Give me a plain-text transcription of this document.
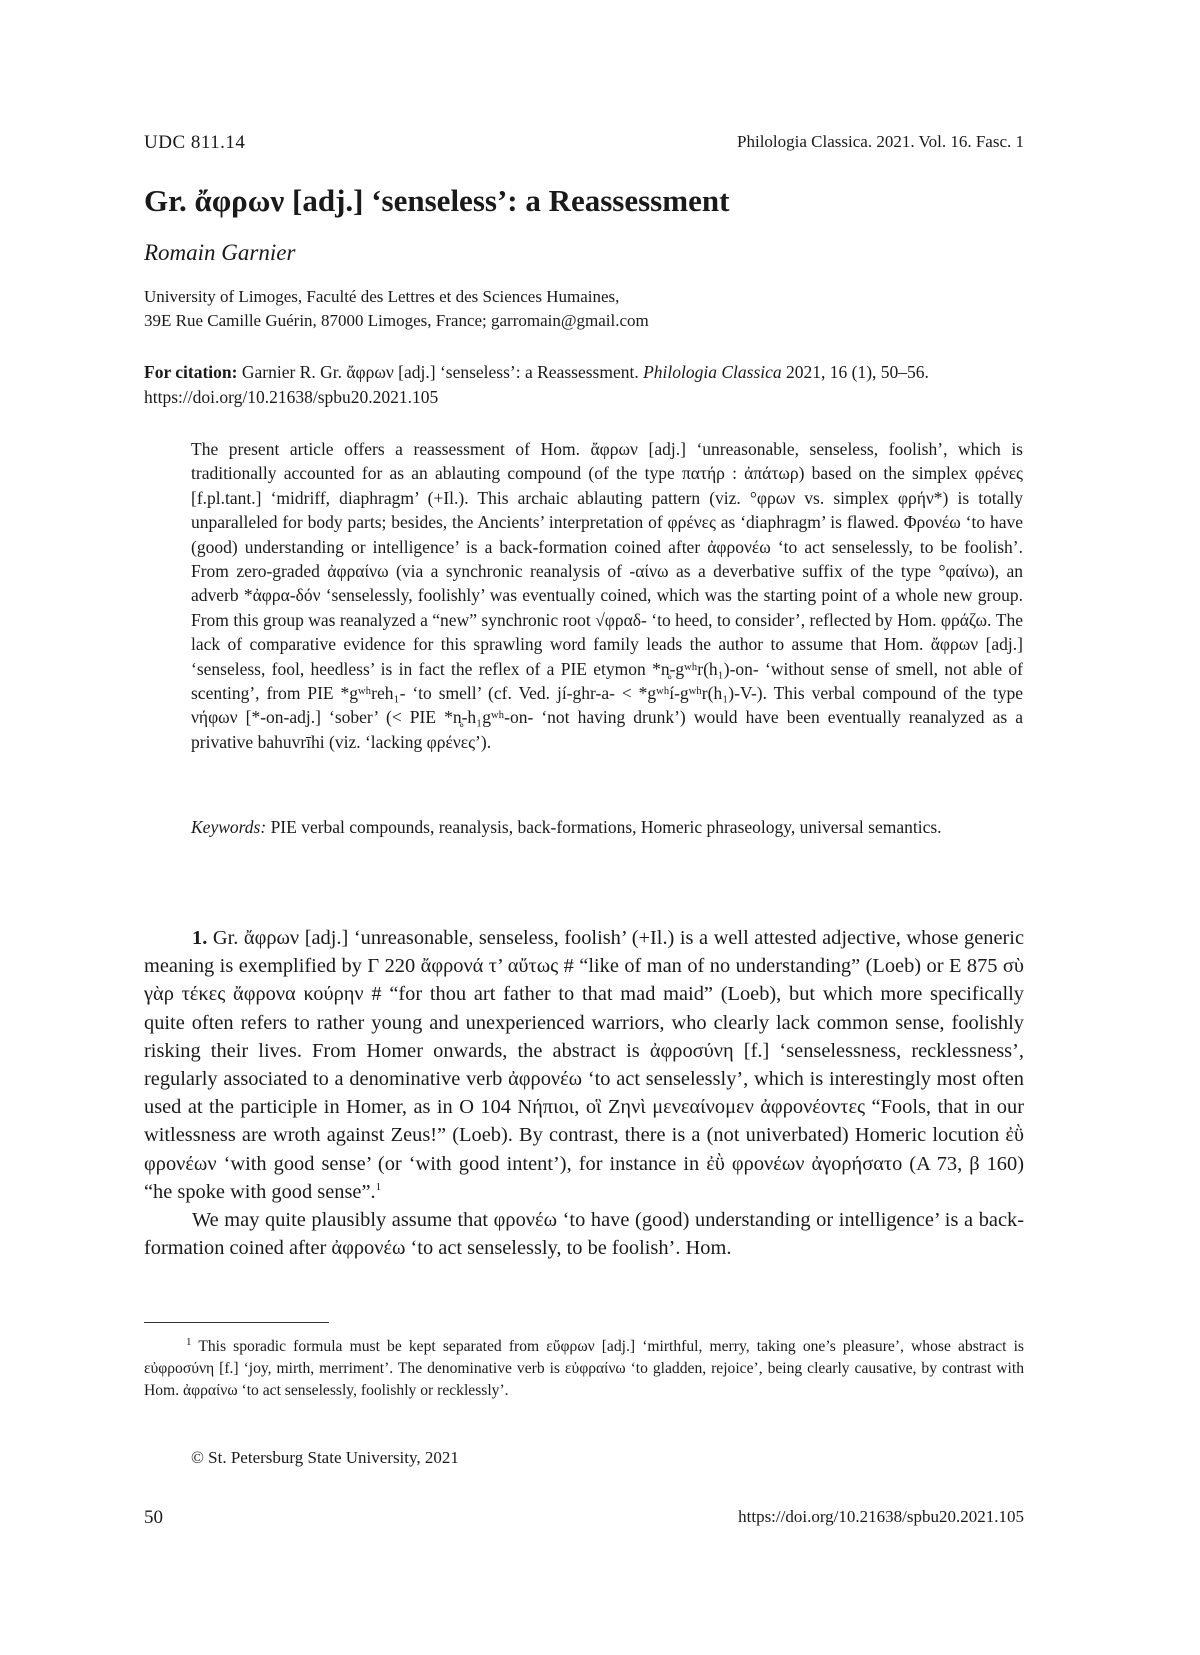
UDC 811.14	Philologia Classica. 2021. Vol. 16. Fasc. 1
Gr. ἄφρων [adj.] ‘senseless’: a Reassessment
Romain Garnier
University of Limoges, Faculté des Lettres et des Sciences Humaines,
39E Rue Camille Guérin, 87000 Limoges, France; garromain@gmail.com
For citation: Garnier R. Gr. ἄφρων [adj.] ‘senseless’: a Reassessment. Philologia Classica 2021, 16 (1), 50–56. https://doi.org/10.21638/spbu20.2021.105
The present article offers a reassessment of Hom. ἄφρων [adj.] ‘unreasonable, senseless, foolish’, which is traditionally accounted for as an ablauting compound (of the type πατήρ : ἀπάτωρ) based on the simplex φρένες [f.pl.tant.] ‘midriff, diaphragm’ (+Il.). This archaic ablauting pattern (viz. °φρων vs. simplex φρήν*) is totally unparalleled for body parts; besides, the Ancients’ interpretation of φρένες as ‘diaphragm’ is flawed. Φρονέω ‘to have (good) understanding or intelligence’ is a back-formation coined after ἀφρονέω ‘to act senselessly, to be foolish’. From zero-graded ἀφραίνω (via a synchronic reanalysis of -αίνω as a deverbative suffix of the type °φαίνω), an adverb *ἀφρα-δόν ‘senselessly, foolishly’ was eventually coined, which was the starting point of a whole new group. From this group was reanalyzed a “new” synchronic root √φραδ- ‘to heed, to consider’, reflected by Hom. φράζω. The lack of comparative evidence for this sprawling word family leads the author to assume that Hom. ἄφρων [adj.] ‘senseless, fool, heedless’ is in fact the reflex of a PIE etymon *n̥-gʷʰr(h₁)-on- ‘without sense of smell, not able of scenting’, from PIE *gʷʰreh₁- ‘to smell’ (cf. Ved. jí-ghr-a- < *gʷʰí-gʷʰr(h₁)-V-). This verbal compound of the type νήφων [*-on-adj.] ‘sober’ (< PIE *n̥-h₁gʷʰ-on- ‘not having drunk’) would have been eventually reanalyzed as a privative bahuvrīhi (viz. ‘lacking φρένες’).
Keywords: PIE verbal compounds, reanalysis, back-formations, Homeric phraseology, universal semantics.

1. Gr. ἄφρων [adj.] ‘unreasonable, senseless, foolish’ (+Il.) is a well attested adjective, whose generic meaning is exemplified by Γ 220 ἄφρονά τ’ αὔτως # “like of man of no understanding” (Loeb) or Ε 875 σὺ γὰρ τέκες ἄφρονα κούρην # “for thou art father to that mad maid” (Loeb), but which more specifically quite often refers to rather young and unexperienced warriors, who clearly lack common sense, foolishly risking their lives. From Homer onwards, the abstract is ἀφροσύνη [f.] ‘senselessness, recklessness’, regularly associated to a denominative verb ἀφρονέω ‘to act senselessly’, which is interestingly most often used at the participle in Homer, as in Ο 104 Νήπιοι, οἳ Ζηνὶ μενεαίνομεν ἀφρονέοντες “Fools, that in our witlessness are wroth against Zeus!” (Loeb). By contrast, there is a (not univerbated) Homeric locution ἐῢ φρονέων ‘with good sense’ (or ‘with good intent’), for instance in ἐῢ φρονέων ἀγορήσατο (Α 73, β 160) “he spoke with good sense”.$^1$

We may quite plausibly assume that φρονέω ‘to have (good) understanding or intelligence’ is a back-formation coined after ἀφρονέω ‘to act senselessly, to be foolish’. Hom.

$^1$ This sporadic formula must be kept separated from εὔφρων [adj.] ‘mirthful, merry, taking one’s pleasure’, whose abstract is εὐφροσύνη [f.] ‘joy, mirth, merriment’. The denominative verb is εὐφραίνω ‘to gladden, rejoice’, being clearly causative, by contrast with Hom. ἀφραίνω ‘to act senselessly, foolishly or recklessly’.
© St. Petersburg State University, 2021
50	https://doi.org/10.21638/spbu20.2021.105
